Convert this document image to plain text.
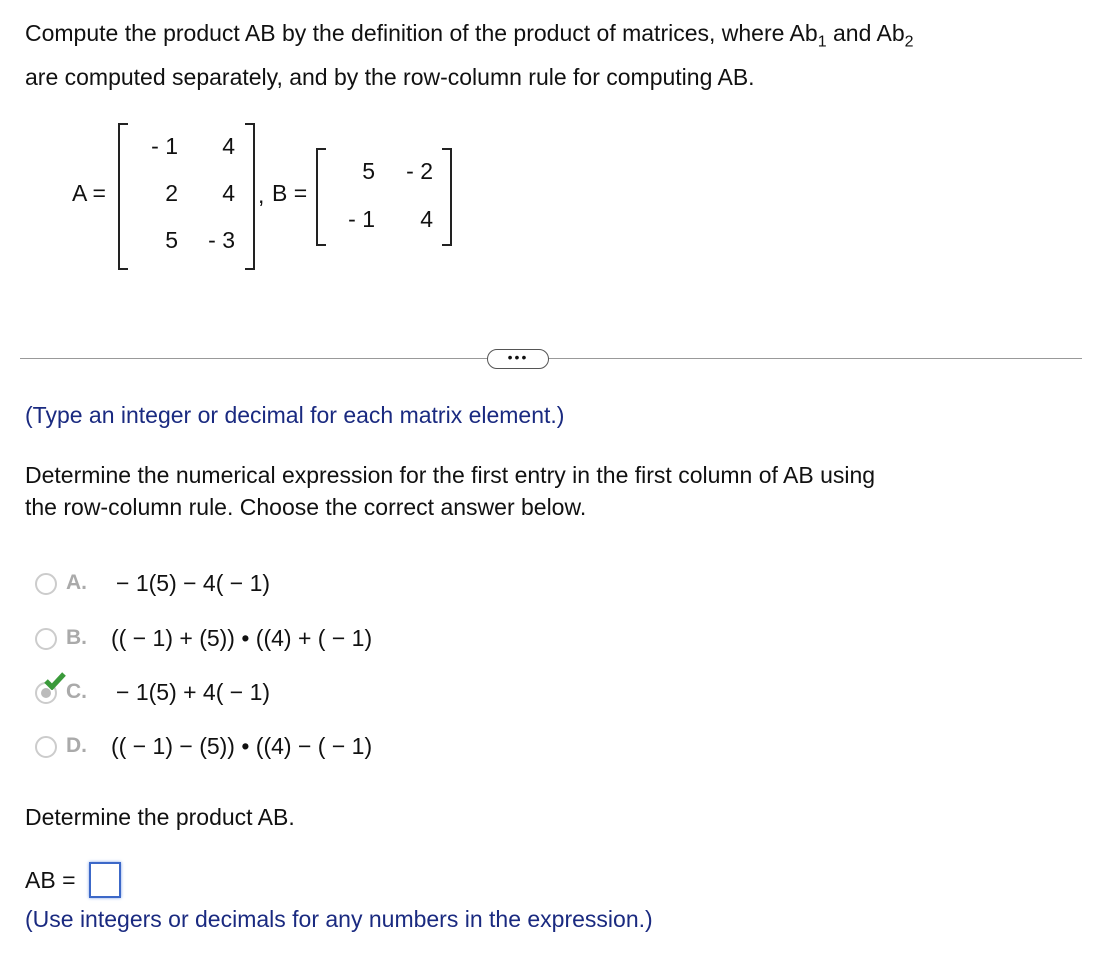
Compute the product AB by the definition of the product of matrices, where $Ab_1$ and $Ab_2$
are computed separately, and by the row-column rule for computing AB.
A =
- 1	4
2	4
5	- 3
, B =
5	- 2
- 1	4
•••
(Type an integer or decimal for each matrix element.)
Determine the numerical expression for the first entry in the first column of AB using
the row-column rule. Choose the correct answer below.
A. − 1(5) − 4( − 1)
B. (( − 1) + (5)) • ((4) + ( − 1)
C. − 1(5) + 4( − 1)
D. (( − 1) − (5)) • ((4) − ( − 1)
Determine the product AB.
AB =
(Use integers or decimals for any numbers in the expression.)
